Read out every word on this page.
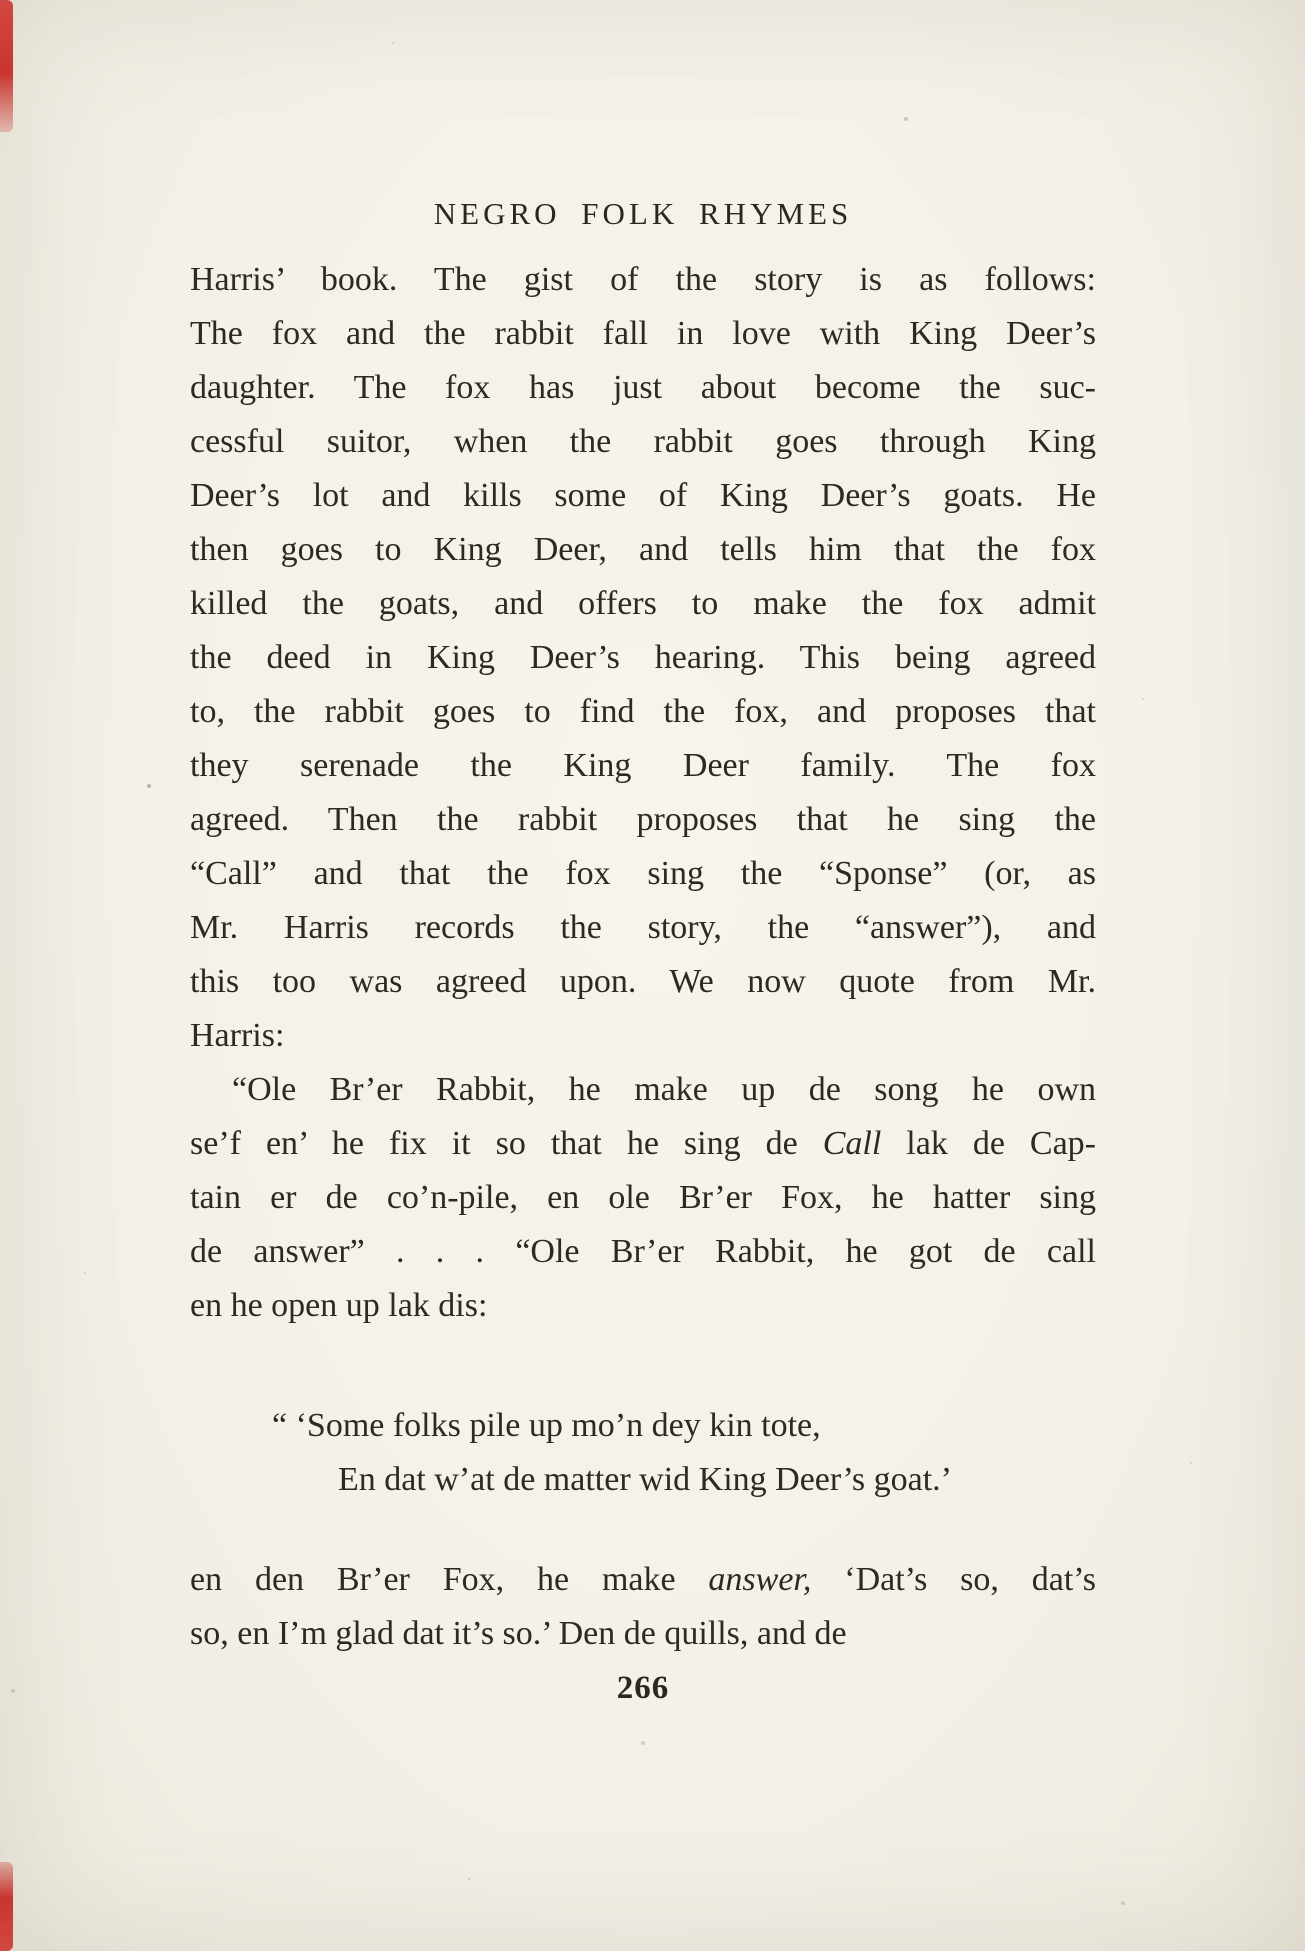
NEGRO FOLK RHYMES
Harris’ book. The gist of the story is as follows:
The fox and the rabbit fall in love with King Deer’s
daughter. The fox has just about become the suc-
cessful suitor, when the rabbit goes through King
Deer’s lot and kills some of King Deer’s goats. He
then goes to King Deer, and tells him that the fox
killed the goats, and offers to make the fox admit
the deed in King Deer’s hearing. This being agreed
to, the rabbit goes to find the fox, and proposes that
they serenade the King Deer family. The fox
agreed. Then the rabbit proposes that he sing the
“Call” and that the fox sing the “Sponse” (or, as
Mr. Harris records the story, the “answer”), and
this too was agreed upon. We now quote from Mr.
Harris:
“Ole Br’er Rabbit, he make up de song he own
se’f en’ he fix it so that he sing de Call lak de Cap-
tain er de co’n-pile, en ole Br’er Fox, he hatter sing
de answer” . . . “Ole Br’er Rabbit, he got de call
en he open up lak dis:
“ ‘Some folks pile up mo’n dey kin tote,
En dat w’at de matter wid King Deer’s goat.’
en den Br’er Fox, he make answer, ‘Dat’s so, dat’s
so, en I’m glad dat it’s so.’ Den de quills, and de
266
